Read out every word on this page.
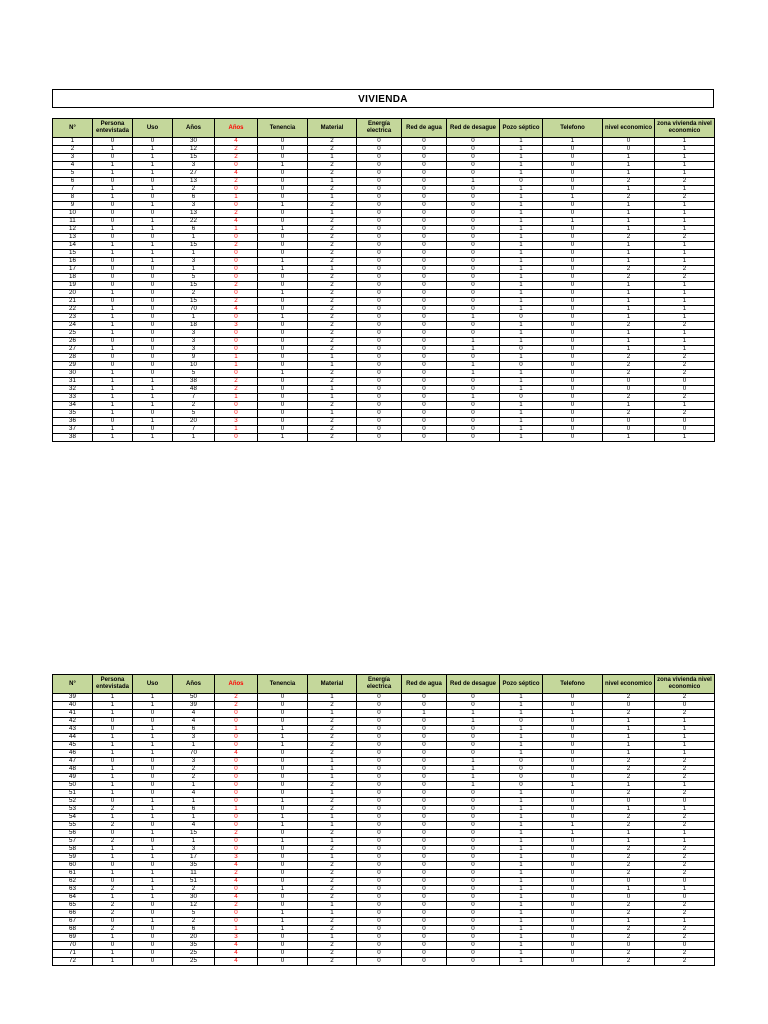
VIVIENDA
N°	Persona entevistada	Uso	Años	Años	Tenencia	Material	Energía electrica	Red de agua	Red de desague	Pozo séptico	Telefono	nivel economico	zona vivienda nivel economico
1	0	0	30	4	0	2	0	0	0	1	1	0	1
2	1	1	12	2	0	2	0	0	0	1	0	0	1
3	0	1	15	2	0	1	0	0	0	1	0	1	1
4	1	1	3	0	1	2	0	0	0	1	0	1	1
5	1	1	27	4	0	2	0	0	0	1	0	1	1
6	0	0	13	2	0	1	0	0	1	0	0	2	2
7	1	1	2	0	0	2	0	0	0	1	0	1	1
8	1	0	6	1	0	1	0	0	0	1	1	2	2
9	0	1	3	0	1	2	0	0	0	1	0	1	1
10	0	0	13	2	0	1	0	0	0	1	0	1	1
11	0	1	22	4	0	2	0	0	0	1	1	1	1
12	1	1	6	1	1	2	0	0	0	1	0	1	1
13	0	0	1	0	0	2	0	0	0	1	0	2	2
14	1	1	15	2	0	2	0	0	0	1	0	1	1
15	1	1	1	0	0	2	0	0	0	1	0	1	1
16	0	1	3	0	1	2	0	0	0	1	0	1	1
17	0	0	1	0	1	1	0	0	0	1	0	2	2
18	0	0	5	0	0	2	0	0	0	1	0	2	2
19	0	0	15	2	0	2	0	0	0	1	0	1	1
20	1	0	2	0	1	2	0	0	0	1	0	1	1
21	0	0	15	2	0	2	0	0	0	1	0	1	1
22	1	0	70	4	0	2	0	0	0	1	0	1	1
23	1	0	1	0	1	2	0	0	1	0	0	1	1
24	1	0	18	3	0	2	0	0	0	1	0	2	2
25	1	0	3	0	0	2	0	0	0	1	0	1	1
26	0	0	3	0	0	2	0	0	1	1	0	1	1
27	1	0	3	0	0	2	0	0	1	0	0	1	1
28	0	0	9	1	0	1	0	0	0	1	0	2	2
29	0	0	10	1	0	1	0	0	1	0	0	2	2
30	1	0	5	0	1	2	0	0	1	1	0	2	2
31	1	1	38	2	0	2	0	0	0	1	0	0	0
32	1	1	48	2	0	1	0	0	0	1	0	0	0
33	1	1	7	1	0	1	0	0	1	0	0	2	2
34	1	1	2	0	0	2	0	0	0	1	0	1	1
35	1	0	5	0	0	1	0	0	0	1	0	2	2
36	0	1	20	3	0	2	0	0	0	1	0	0	0
37	1	0	7	1	0	2	0	0	0	1	0	0	0
38	1	1	1	0	1	2	0	0	0	1	0	1	1
N°	Persona entevistada	Uso	Años	Años	Tenencia	Material	Energía electrica	Red de agua	Red de desague	Pozo séptico	Telefono	nivel economico	zona vivienda nivel economico
39	1	1	50	2	0	1	0	0	0	1	0	2	2
40	1	1	39	2	0	2	0	0	0	1	0	0	0
41	1	0	4	0	0	1	0	1	1	1	1	2	2
42	0	0	4	0	0	2	0	0	1	0	0	1	1
43	0	1	6	1	1	2	0	0	0	1	0	1	1
44	1	1	3	0	1	2	0	0	0	1	0	1	1
45	1	1	1	0	1	2	0	0	0	1	0	1	1
46	1	1	70	4	0	2	0	0	0	1	0	1	1
47	0	0	3	0	0	1	0	0	1	0	0	2	2
48	1	0	2	0	0	1	0	0	1	0	0	2	2
49	1	0	2	0	0	1	0	0	1	0	0	2	2
50	1	0	1	0	0	2	0	0	1	0	1	1	1
51	1	0	4	0	0	1	0	0	0	1	0	2	2
52	0	1	1	0	1	2	0	0	0	1	0	0	0
53	2	1	6	1	0	2	0	0	0	1	0	1	1
54	1	1	1	0	1	1	0	0	0	1	0	2	2
55	2	0	4	0	1	1	0	0	0	1	1	2	2
56	0	1	15	2	0	2	0	0	0	1	1	1	1
57	2	0	1	0	1	1	0	0	0	1	0	1	1
58	1	1	3	0	0	2	0	0	0	1	0	2	2
59	1	1	17	3	0	1	0	0	0	1	0	2	2
60	0	0	35	4	0	2	0	0	0	1	0	2	2
61	1	1	11	2	0	2	0	0	0	1	0	2	2
62	0	1	51	4	0	2	0	0	0	1	0	0	0
63	2	1	2	0	1	2	0	0	0	1	0	1	1
64	1	1	30	4	0	2	0	0	0	1	0	0	0
65	2	0	12	2	0	1	0	0	0	1	0	2	2
66	2	0	5	0	1	1	0	0	0	1	0	2	2
67	0	1	2	0	1	2	0	0	0	1	0	1	1
68	2	0	6	1	1	2	0	0	0	1	0	2	2
69	1	0	20	3	0	1	0	0	0	1	0	2	2
70	0	0	35	4	0	2	0	0	0	1	0	0	0
71	1	0	25	4	0	2	0	0	0	1	0	2	2
72	1	0	25	4	0	2	0	0	0	1	0	2	2
